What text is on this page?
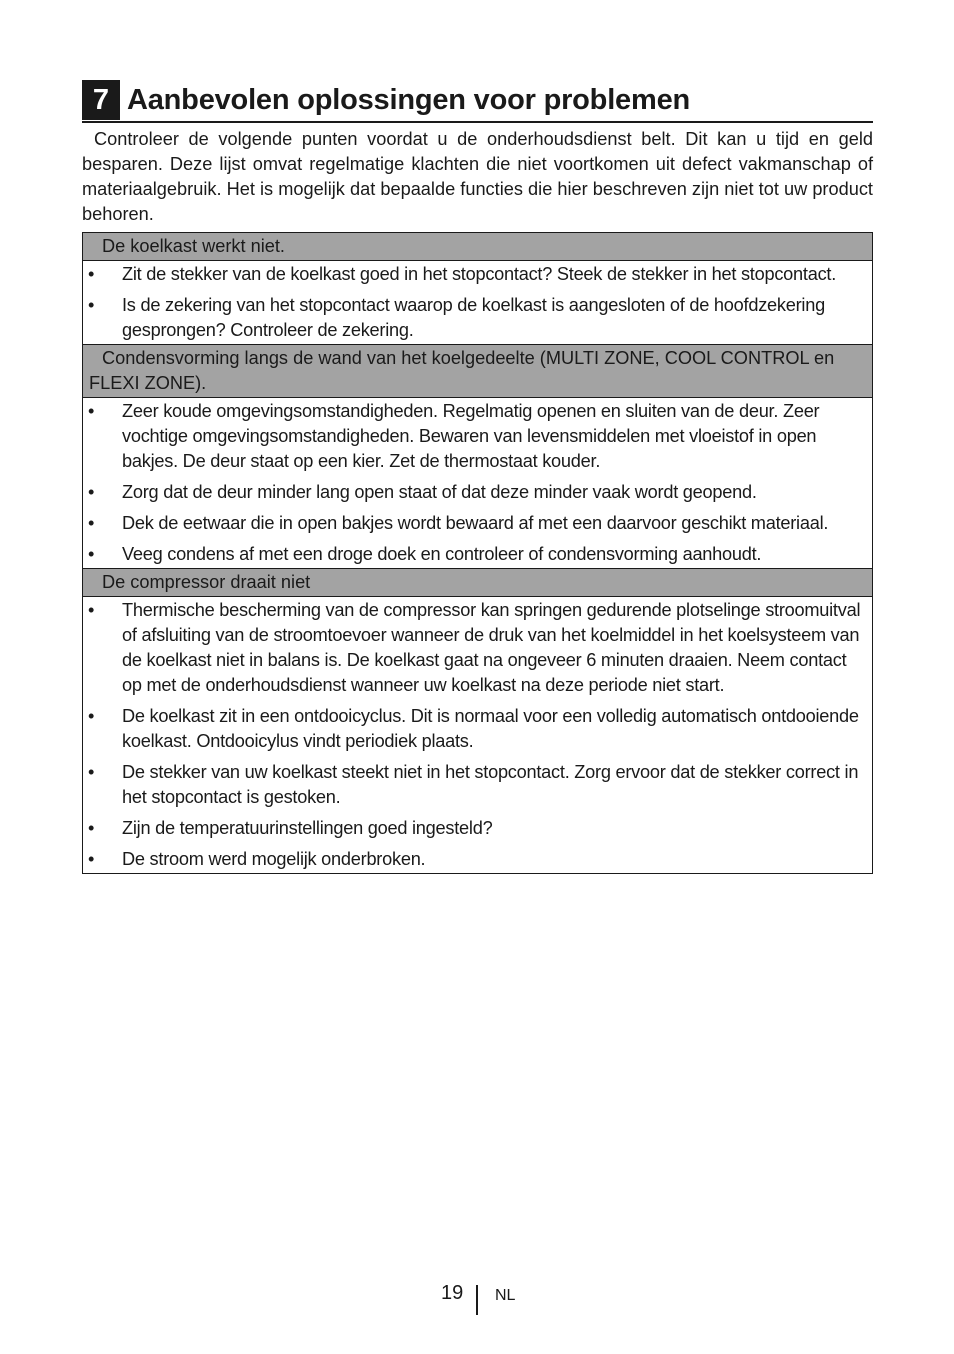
7 Aanbevolen oplossingen voor problemen

Controleer de volgende punten voordat u de onderhoudsdienst belt. Dit kan u tijd en geld besparen. Deze lijst omvat regelmatige klachten die niet voortkomen uit defect vakmanschap of materiaalgebruik. Het is mogelijk dat bepaalde functies die hier beschreven zijn niet tot uw product behoren.

De koelkast werkt niet.

•	Zit de stekker van de koelkast goed in het stopcontact? Steek de stekker in het stopcontact.
•	Is de zekering van het stopcontact waarop de koelkast is aangesloten of de hoofdzekering gesprongen? Controleer de zekering.

Condensvorming langs de wand van het koelgedeelte (MULTI ZONE, COOL CONTROL en FLEXI ZONE).

•	Zeer koude omgevingsomstandigheden. Regelmatig openen en sluiten van de deur. Zeer vochtige omgevingsomstandigheden. Bewaren van levensmiddelen met vloeistof in open bakjes. De deur staat op een kier. Zet de thermostaat kouder.
•	Zorg dat de deur minder lang open staat of dat deze minder vaak wordt geopend.
•	Dek de eetwaar die in open bakjes wordt bewaard af met een daarvoor geschikt materiaal.
•	Veeg condens af met een droge doek en controleer of condensvorming aanhoudt.

De compressor draait niet

•	Thermische bescherming van de compressor kan springen gedurende plotselinge stroomuitval of afsluiting van de stroomtoevoer wanneer de druk van het koelmiddel in het koelsysteem van de koelkast niet in balans is. De koelkast gaat na ongeveer 6 minuten draaien. Neem contact op met de onderhoudsdienst wanneer uw koelkast na deze periode niet start.
•	De koelkast zit in een ontdooicyclus. Dit is normaal voor een volledig automatisch ontdooiende koelkast. Ontdooicylus vindt periodiek plaats.
•	De stekker van uw koelkast steekt niet in het stopcontact. Zorg ervoor dat de stekker correct in het stopcontact is gestoken.
•	Zijn de temperatuurinstellingen goed ingesteld?
•	De stroom werd mogelijk onderbroken.
19 NL
